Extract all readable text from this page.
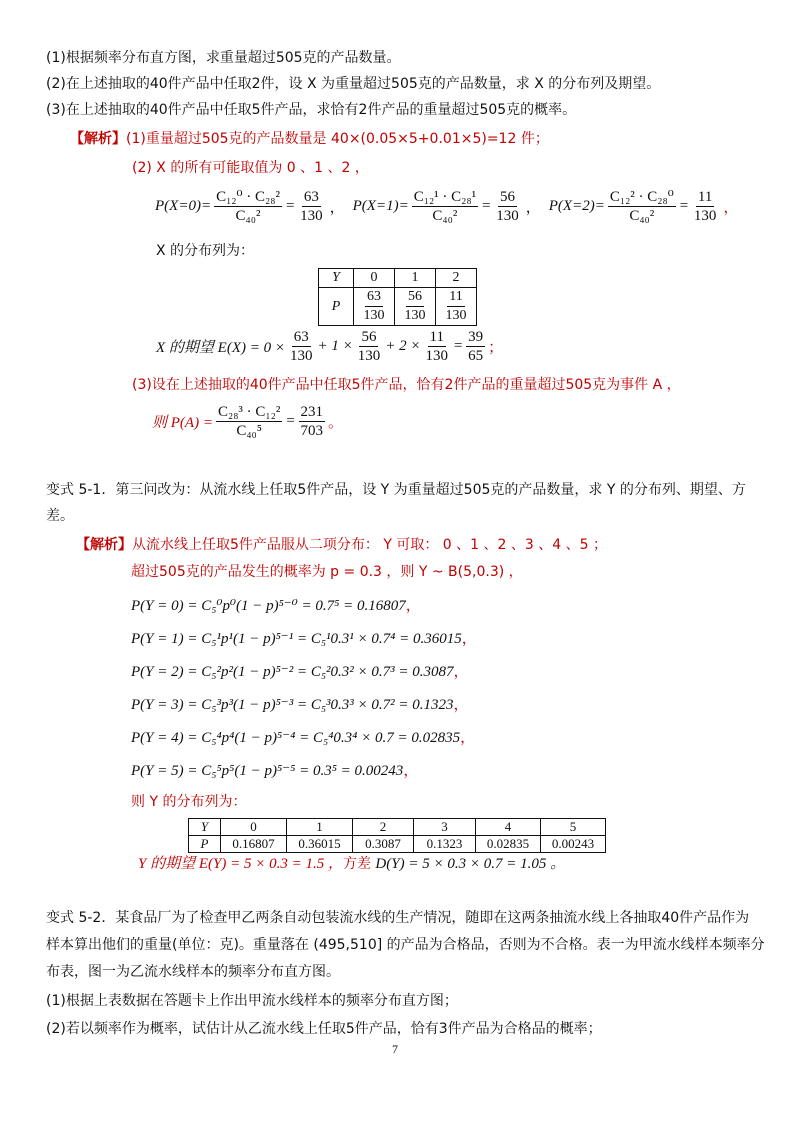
(1)根据频率分布直方图，求重量超过505克的产品数量。
(2)在上述抽取的40件产品中任取2件，设 X 为重量超过505克的产品数量，求 X 的分布列及期望。
(3)在上述抽取的40件产品中任取5件产品，求恰有2件产品的重量超过505克的概率。
【解析】(1)重量超过505克的产品数量是 40×(0.05×5+0.01×5)=12 件；
(2) X 的所有可能取值为 0 、1 、2 ，
$P(X=0)= \frac{\text{C₁₂⁰ · C₂₈²}}{\text{C₄₀²}} = \frac{63}{130}$ ， $P(X=1)= \frac{\text{C₁₂¹ · C₂₈¹}}{\text{C₄₀²}} = \frac{56}{130}$ ， $P(X=2)= \frac{\text{C₁₂² · C₂₈⁰}}{\text{C₄₀²}} = \frac{11}{130}$ ，
X 的分布列为：
Y	0	1	2
P	$\frac{63}{130}$	$\frac{56}{130}$	$\frac{11}{130}$
X 的期望 $E(X) = 0 \times \frac{63}{130} + 1 \times \frac{56}{130} + 2 \times \frac{11}{130} = \frac{39}{65}$ ；
(3)设在上述抽取的40件产品中任取5件产品，恰有2件产品的重量超过505克为事件 A ，
则 $P(A) = \frac{\text{C₂₈³ · C₁₂²}}{\text{C₄₀⁵}} = \frac{231}{703}$ 。
变式 5-1．第三问改为：从流水线上任取5件产品，设 Y 为重量超过505克的产品数量，求 Y 的分布列、期望、方
差。
【解析】从流水线上任取5件产品服从二项分布： Y 可取： 0 、1 、2 、3 、4 、5 ；
超过505克的产品发生的概率为 p = 0.3 ，则 Y ~ B(5,0.3) ，
P(Y = 0) = C₅⁰p⁰(1 − p)⁵⁻⁰ = 0.7⁵ = 0.16807，
P(Y = 1) = C₅¹p¹(1 − p)⁵⁻¹ = C₅¹0.3¹ × 0.7⁴ = 0.36015，
P(Y = 2) = C₅²p²(1 − p)⁵⁻² = C₅²0.3² × 0.7³ = 0.3087，
P(Y = 3) = C₅³p³(1 − p)⁵⁻³ = C₅³0.3³ × 0.7² = 0.1323，
P(Y = 4) = C₅⁴p⁴(1 − p)⁵⁻⁴ = C₅⁴0.3⁴ × 0.7 = 0.02835，
P(Y = 5) = C₅⁵p⁵(1 − p)⁵⁻⁵ = 0.3⁵ = 0.00243，
则 Y 的分布列为：
Y	0	1	2	3	4	5
P	0.16807	0.36015	0.3087	0.1323	0.02835	0.00243
Y 的期望 E(Y) = 5 × 0.3 = 1.5 ，方差 D(Y) = 5 × 0.3 × 0.7 = 1.05 。
变式 5-2．某食品厂为了检查甲乙两条自动包装流水线的生产情况，随即在这两条抽流水线上各抽取40件产品作为
样本算出他们的重量(单位：克)。重量落在 (495,510] 的产品为合格品，否则为不合格。表一为甲流水线样本频率分
布表，图一为乙流水线样本的频率分布直方图。
(1)根据上表数据在答题卡上作出甲流水线样本的频率分布直方图；
(2)若以频率作为概率，试估计从乙流水线上任取5件产品，恰有3件产品为合格品的概率；
7
